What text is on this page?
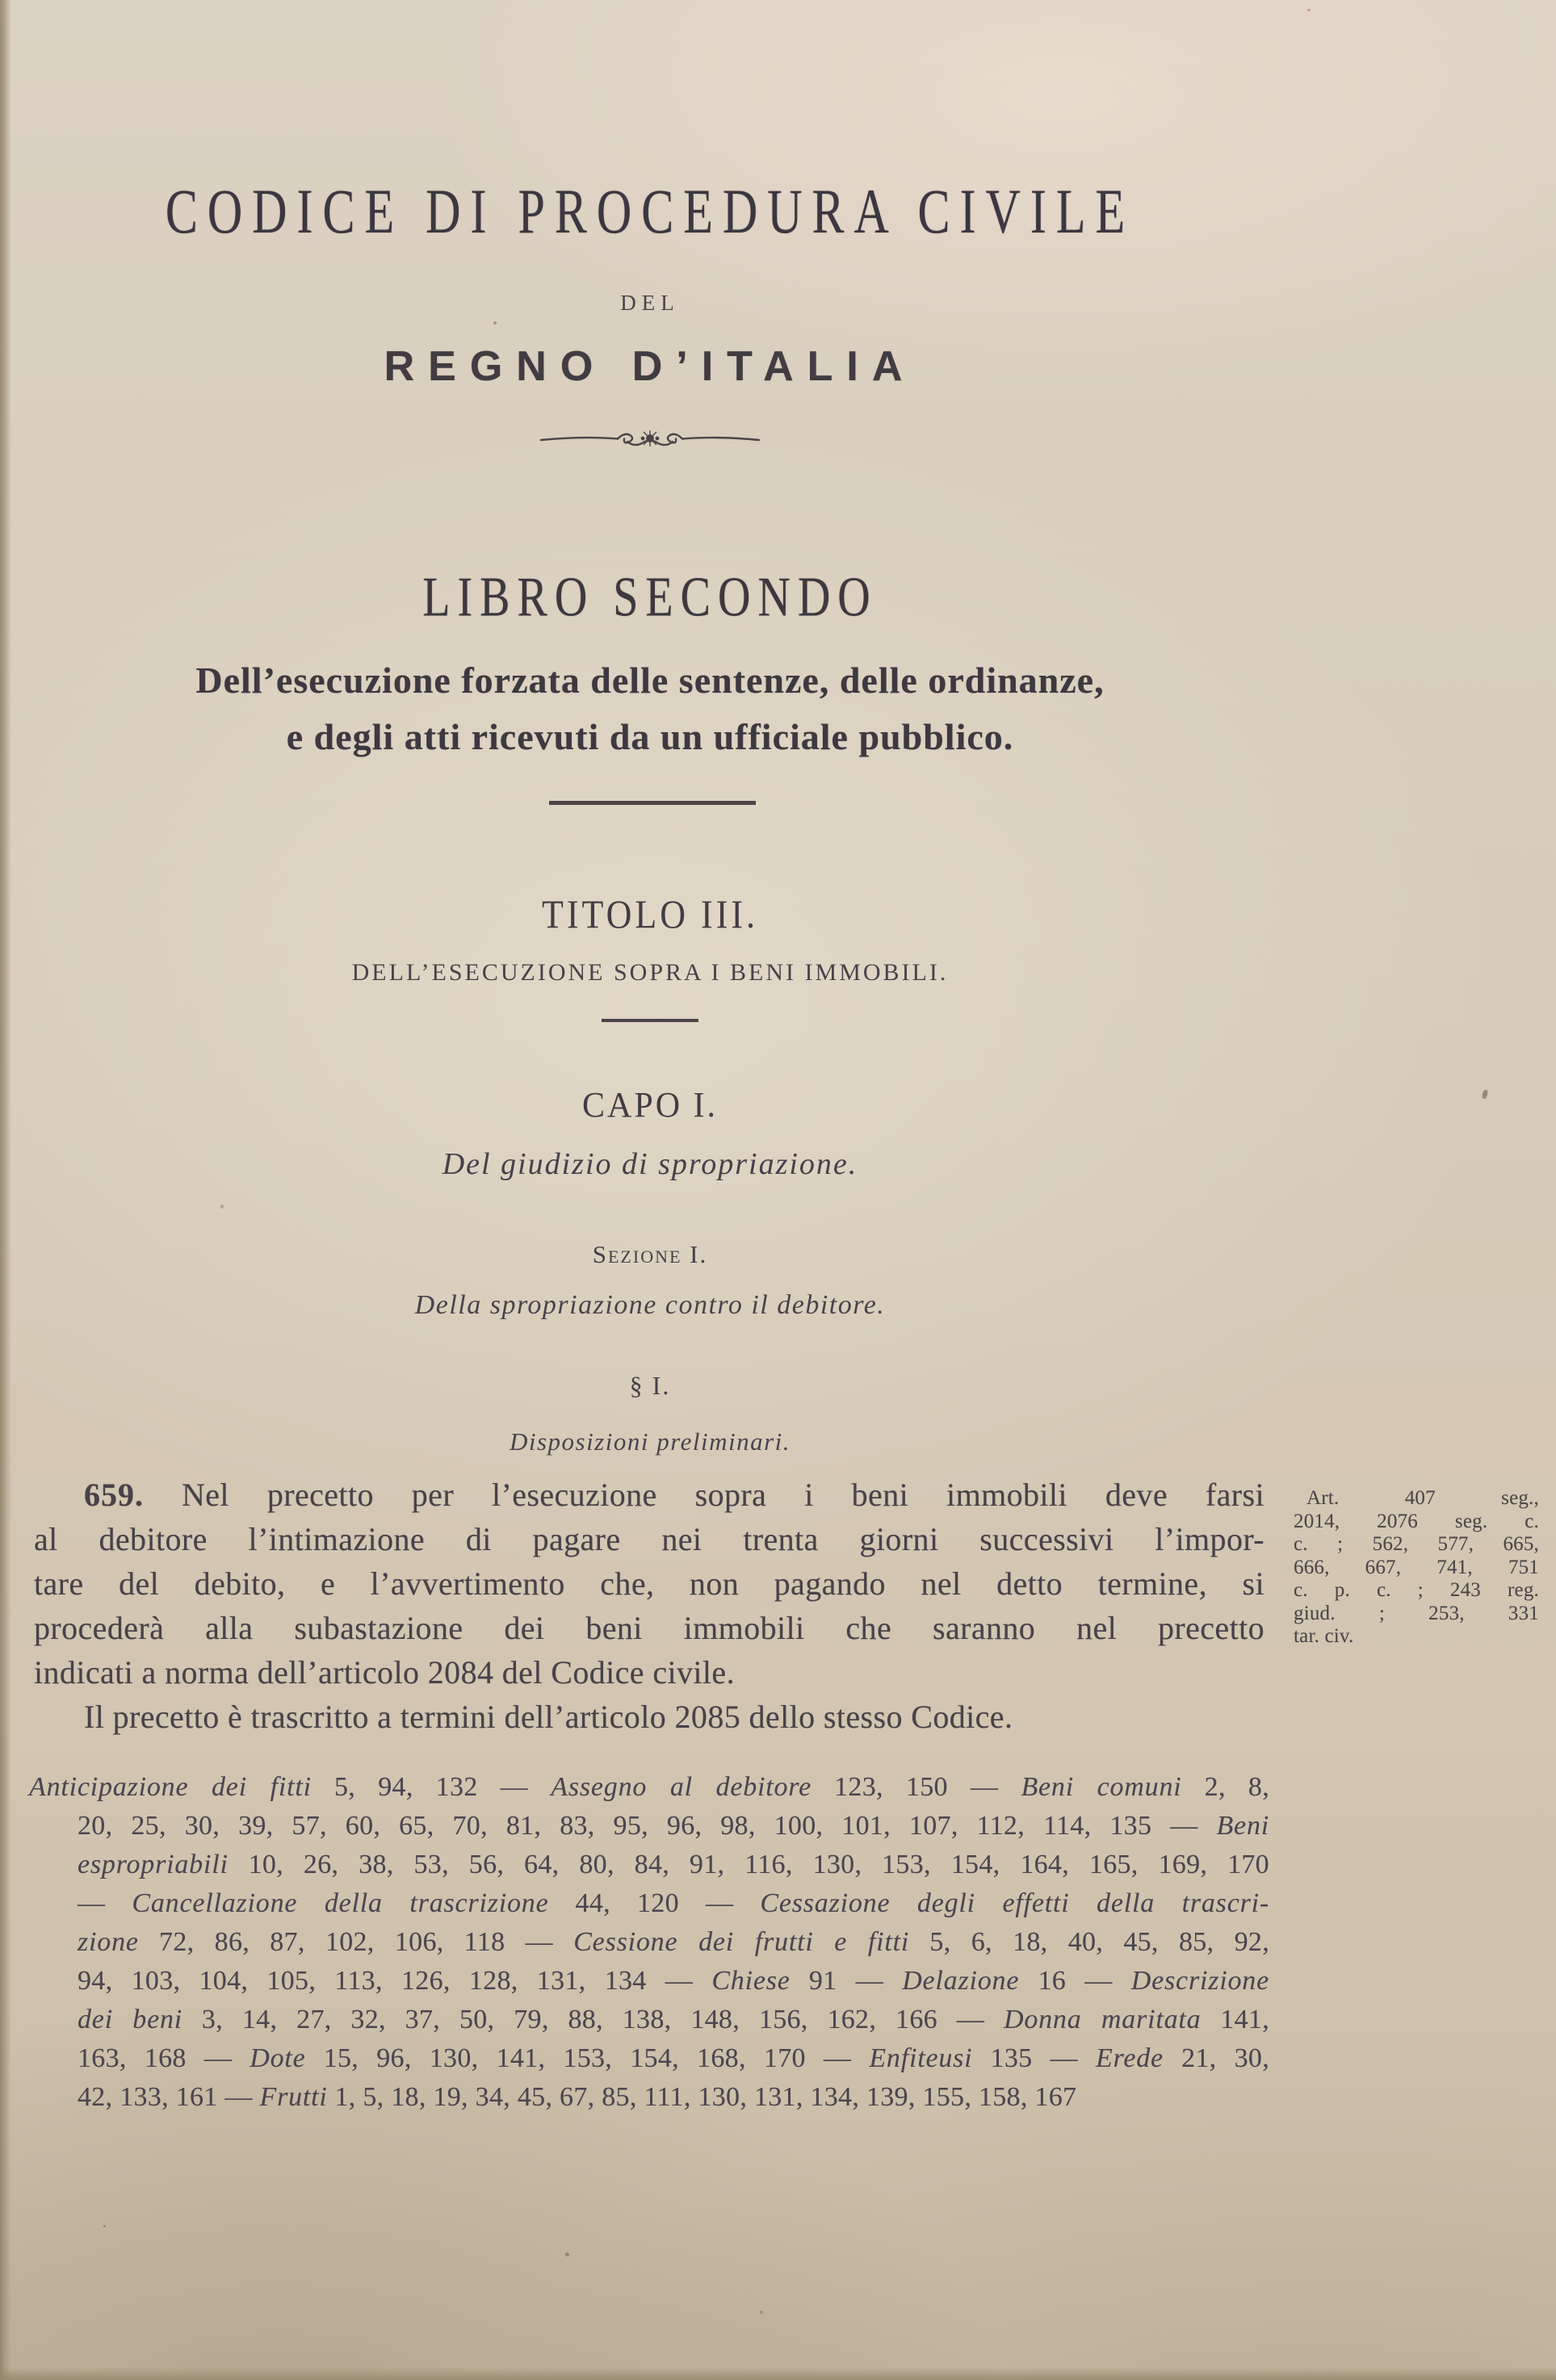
CODICE DI PROCEDURA CIVILE
DEL
REGNO D’ITALIA
LIBRO SECONDO
Dell’esecuzione forzata delle sentenze, delle ordinanze,
e degli atti ricevuti da un ufficiale pubblico.
TITOLO III.
DELL’ESECUZIONE SOPRA I BENI IMMOBILI.
CAPO I.
Del giudizio di spropriazione.
Sezione I.
Della spropriazione contro il debitore.
§ I.
Disposizioni preliminari.
659. Nel precetto per l’esecuzione sopra i beni immobili deve farsi
al debitore l’intimazione di pagare nei trenta giorni successivi l’impor-
tare del debito, e l’avvertimento che, non pagando nel detto termine, si
procederà alla subastazione dei beni immobili che saranno nel precetto
indicati a norma dell’articolo 2084 del Codice civile.
Il precetto è trascritto a termini dell’articolo 2085 dello stesso Codice.
Art. 407 seg.,
2014, 2076 seg. c.
c. ; 562, 577, 665,
666, 667, 741, 751
c. p. c. ; 243 reg.
giud. ; 253, 331
tar. civ.
Anticipazione dei fitti 5, 94, 132 — Assegno al debitore 123, 150 — Beni comuni 2, 8,
20, 25, 30, 39, 57, 60, 65, 70, 81, 83, 95, 96, 98, 100, 101, 107, 112, 114, 135 — Beni
espropriabili 10, 26, 38, 53, 56, 64, 80, 84, 91, 116, 130, 153, 154, 164, 165, 169, 170
— Cancellazione della trascrizione 44, 120 — Cessazione degli effetti della trascri-
zione 72, 86, 87, 102, 106, 118 — Cessione dei frutti e fitti 5, 6, 18, 40, 45, 85, 92,
94, 103, 104, 105, 113, 126, 128, 131, 134 — Chiese 91 — Delazione 16 — Descrizione
dei beni 3, 14, 27, 32, 37, 50, 79, 88, 138, 148, 156, 162, 166 — Donna maritata 141,
163, 168 — Dote 15, 96, 130, 141, 153, 154, 168, 170 — Enfiteusi 135 — Erede 21, 30,
42, 133, 161 — Frutti 1, 5, 18, 19, 34, 45, 67, 85, 111, 130, 131, 134, 139, 155, 158, 167
